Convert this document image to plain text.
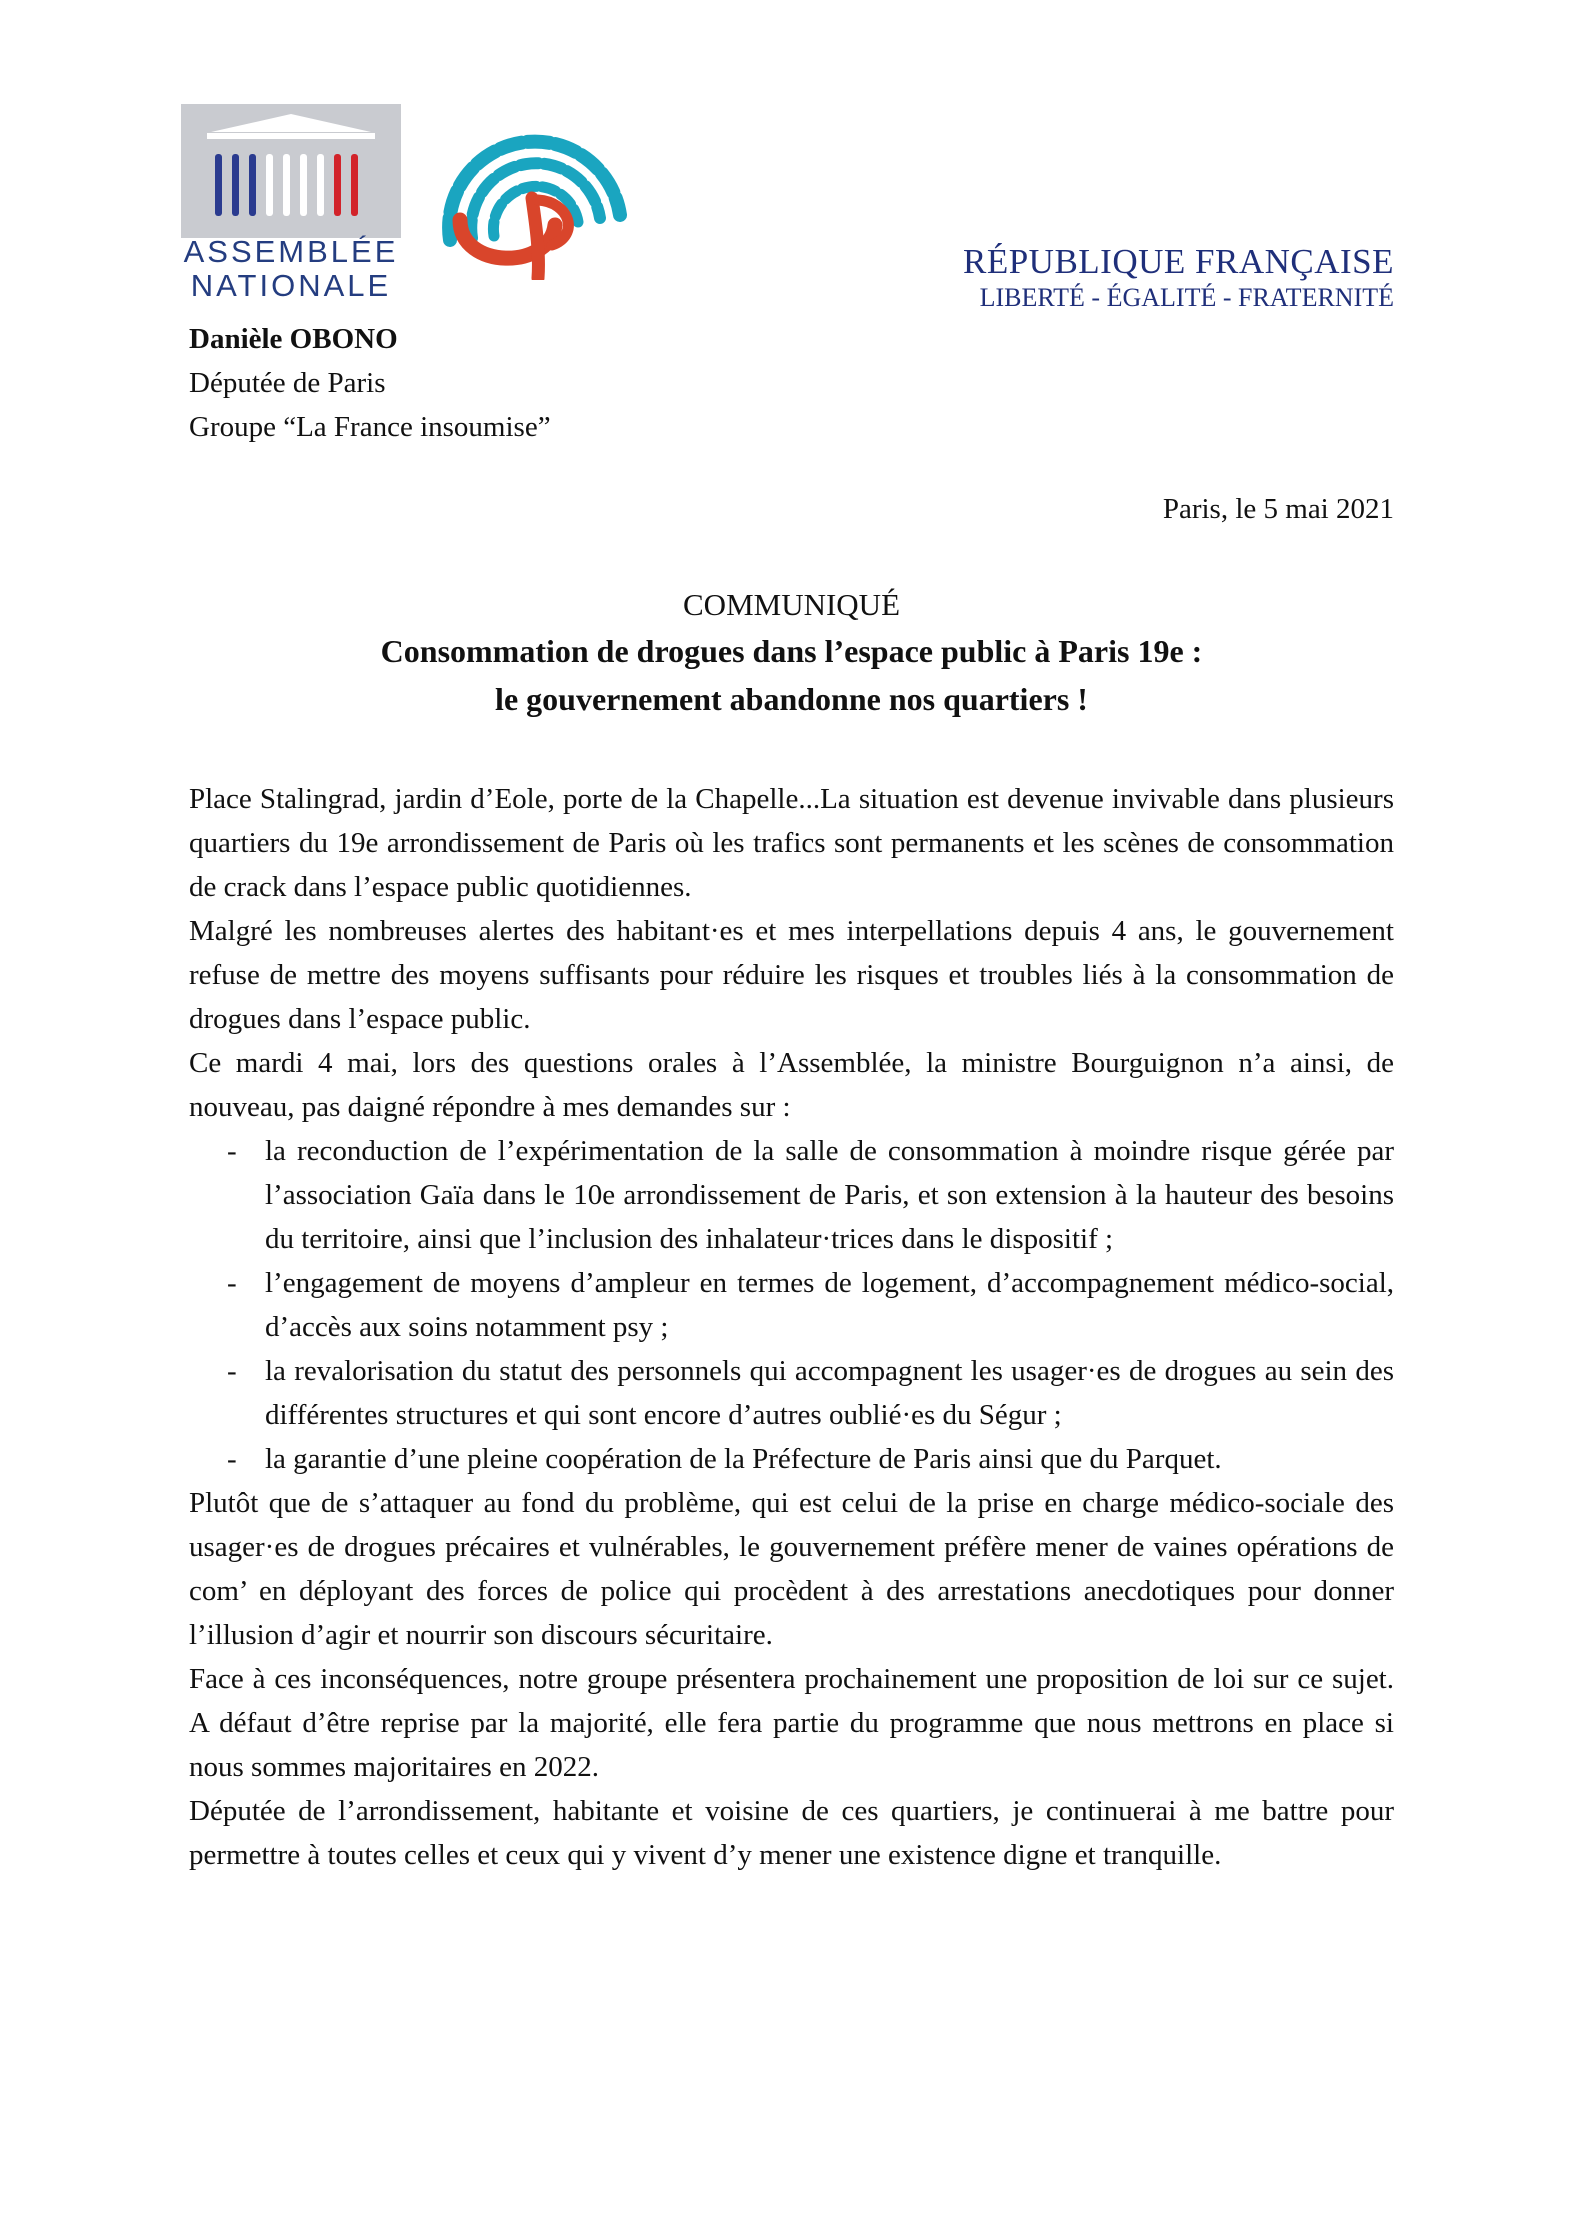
ASSEMBLÉE
NATIONALE
RÉPUBLIQUE FRANÇAISE
LIBERTÉ - ÉGALITÉ - FRATERNITÉ
Danièle OBONO
Députée de Paris
Groupe “La France insoumise”
Paris, le 5 mai 2021
COMMUNIQUÉ
Consommation de drogues dans l’espace public à Paris 19e :
le gouvernement abandonne nos quartiers !

Place Stalingrad, jardin d’Eole, porte de la Chapelle...La situation est devenue invivable dans plusieurs quartiers du 19e arrondissement de Paris où les trafics sont permanents et les scènes de consommation de crack dans l’espace public quotidiennes.

Malgré les nombreuses alertes des habitant·es et mes interpellations depuis 4 ans, le gouvernement refuse de mettre des moyens suffisants pour réduire les risques et troubles liés à la consommation de drogues dans l’espace public.

Ce mardi 4 mai, lors des questions orales à l’Assemblée, la ministre Bourguignon n’a ainsi, de nouveau, pas daigné répondre à mes demandes sur :

- la reconduction de l’expérimentation de la salle de consommation à moindre risque gérée par l’association Gaïa dans le 10e arrondissement de Paris, et son extension à la hauteur des besoins du territoire, ainsi que l’inclusion des inhalateur·trices dans le dispositif ;
- l’engagement de moyens d’ampleur en termes de logement, d’accompagnement médico-social, d’accès aux soins notamment psy ;
- la revalorisation du statut des personnels qui accompagnent les usager·es de drogues au sein des différentes structures et qui sont encore d’autres oublié·es du Ségur ;
- la garantie d’une pleine coopération de la Préfecture de Paris ainsi que du Parquet.

Plutôt que de s’attaquer au fond du problème, qui est celui de la prise en charge médico-sociale des usager·es de drogues précaires et vulnérables, le gouvernement préfère mener de vaines opérations de com’ en déployant des forces de police qui procèdent à des arrestations anecdotiques pour donner l’illusion d’agir et nourrir son discours sécuritaire.

Face à ces inconséquences, notre groupe présentera prochainement une proposition de loi sur ce sujet. A défaut d’être reprise par la majorité, elle fera partie du programme que nous mettrons en place si nous sommes majoritaires en 2022.

Députée de l’arrondissement, habitante et voisine de ces quartiers, je continuerai à me battre pour permettre à toutes celles et ceux qui y vivent d’y mener une existence digne et tranquille.
